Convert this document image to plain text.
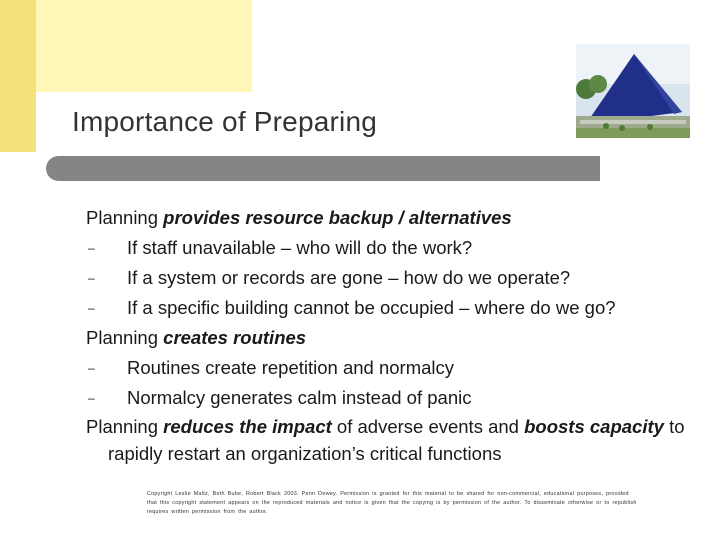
Importance of Preparing
Planning provides resource backup / alternatives
– If staff unavailable – who will do the work?
– If a system or records are gone – how do we operate?
– If a specific building cannot be occupied – where do we go?
Planning creates routines
– Routines create repetition and normalcy
– Normalcy generates calm instead of panic
Planning reduces the impact of adverse events and boosts capacity to rapidly restart an organization’s critical functions
Copyright Leslie Maltz, Beth Bube, Robert Black 2003. Penn Dewey. Permission is granted for this material to be shared for non-commercial, educational purposes, provided that this copyright statement appears on the reproduced materials and notice is given that the copying is by permission of the author. To disseminate otherwise or to republish requires written permission from the author.
